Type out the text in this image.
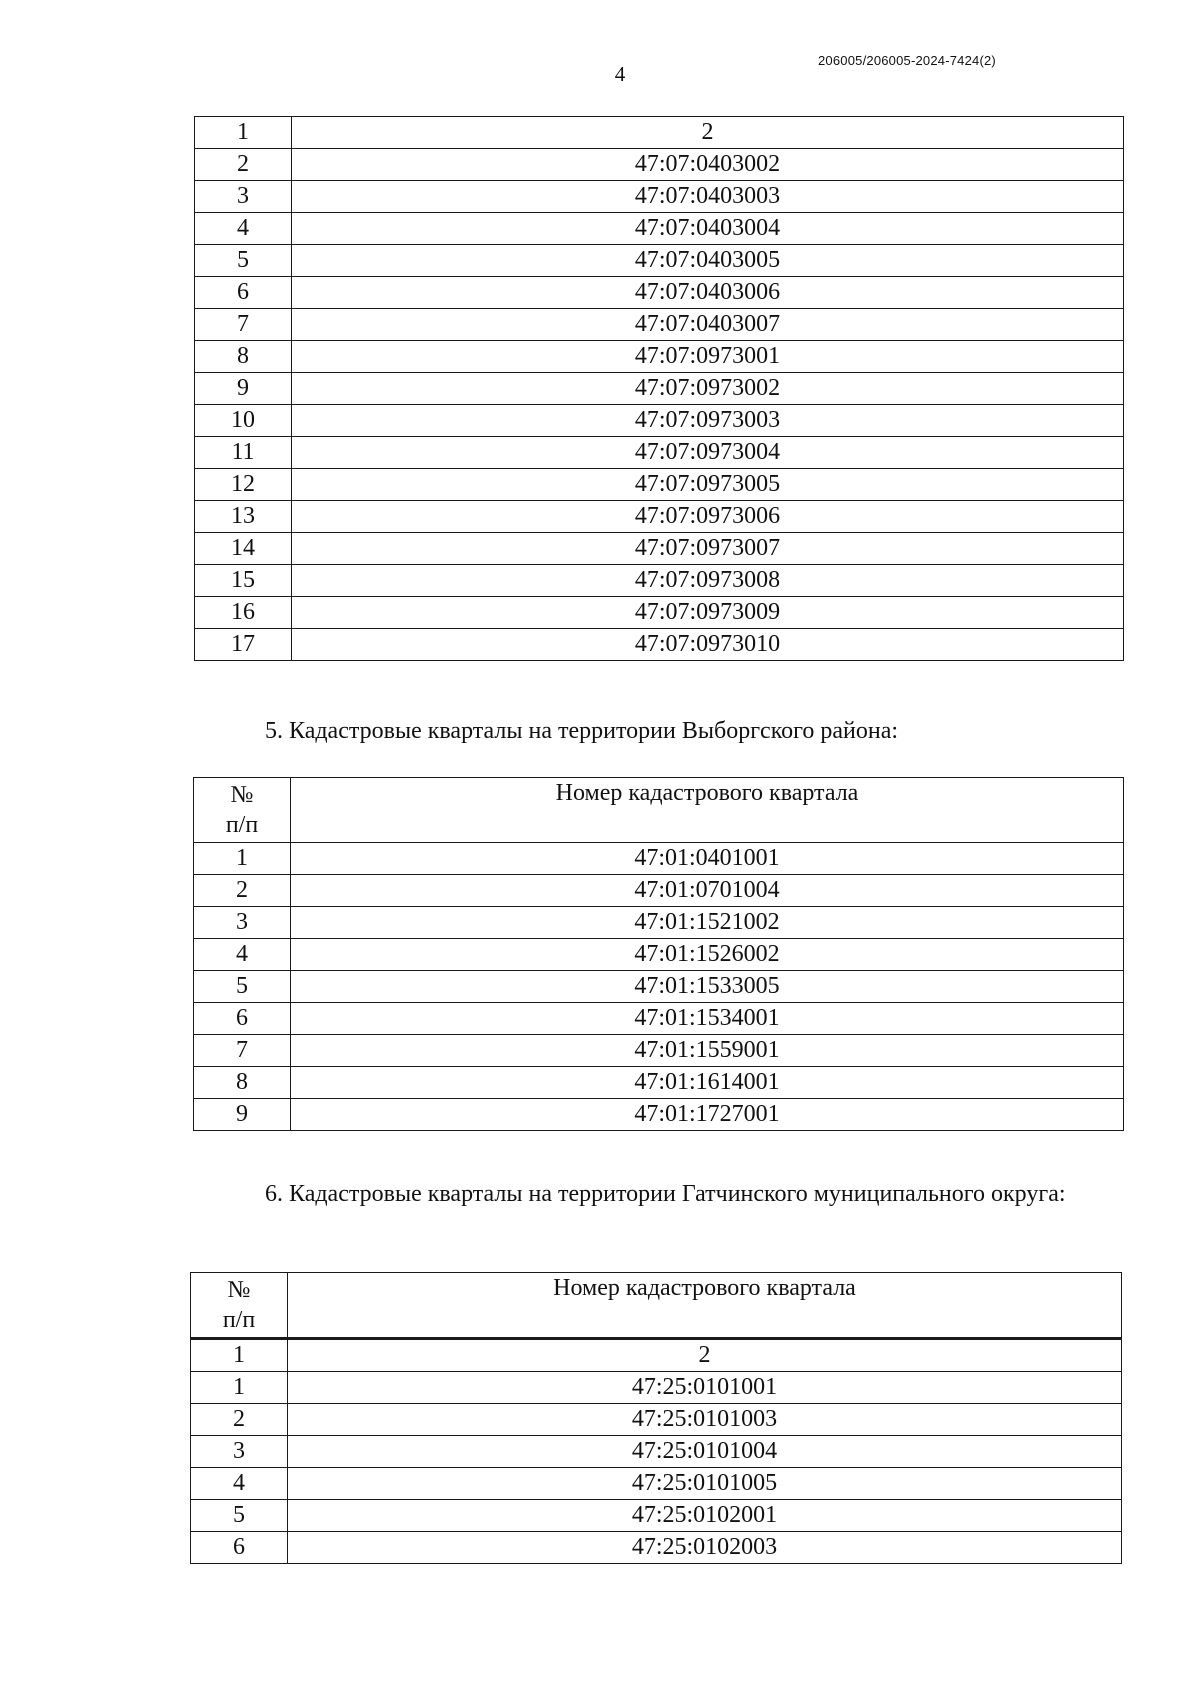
4
206005/206005-2024-7424(2)
1	2
2	47:07:0403002
3	47:07:0403003
4	47:07:0403004
5	47:07:0403005
6	47:07:0403006
7	47:07:0403007
8	47:07:0973001
9	47:07:0973002
10	47:07:0973003
11	47:07:0973004
12	47:07:0973005
13	47:07:0973006
14	47:07:0973007
15	47:07:0973008
16	47:07:0973009
17	47:07:0973010
5. Кадастровые кварталы на территории Выборгского района:
№
п/п	Номер кадастрового квартала
1	47:01:0401001
2	47:01:0701004
3	47:01:1521002
4	47:01:1526002
5	47:01:1533005
6	47:01:1534001
7	47:01:1559001
8	47:01:1614001
9	47:01:1727001
6. Кадастровые кварталы на территории Гатчинского муниципального округа:
№
п/п	Номер кадастрового квартала
1	2
1	47:25:0101001
2	47:25:0101003
3	47:25:0101004
4	47:25:0101005
5	47:25:0102001
6	47:25:0102003
